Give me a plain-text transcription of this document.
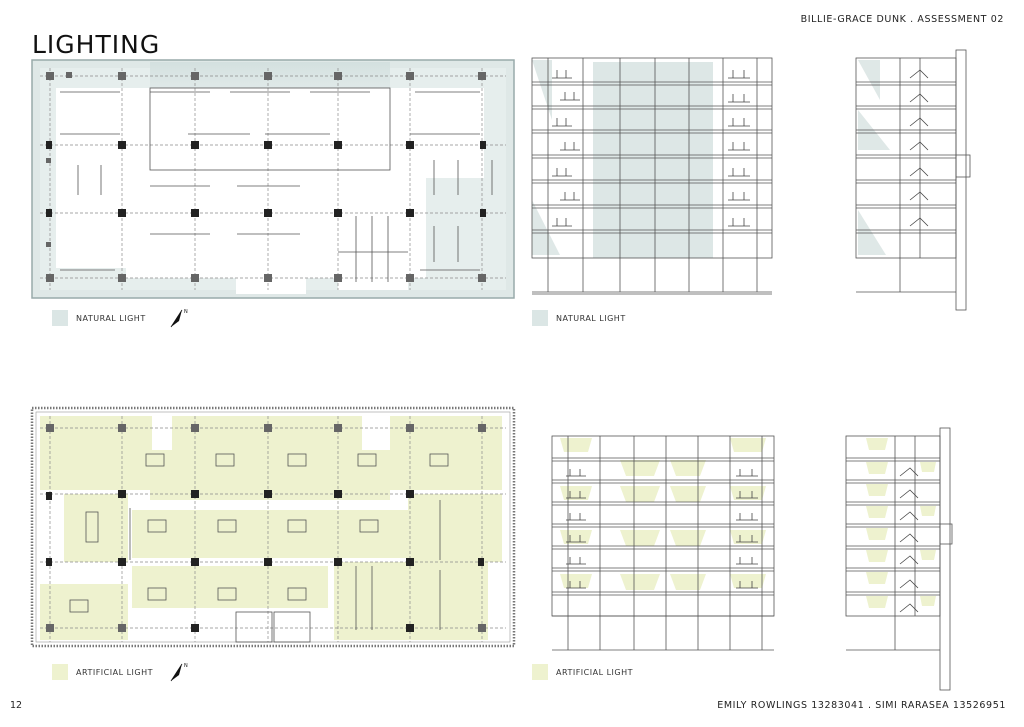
LIGHTING
BILLIE-GRACE DUNK . ASSESSMENT 02
12	EMILY ROWLINGS 13283041 . SIMI RARASEA 13526951
N
N
NATURAL LIGHT	NATURAL LIGHT
ARTIFICIAL LIGHT	ARTIFICIAL LIGHT
